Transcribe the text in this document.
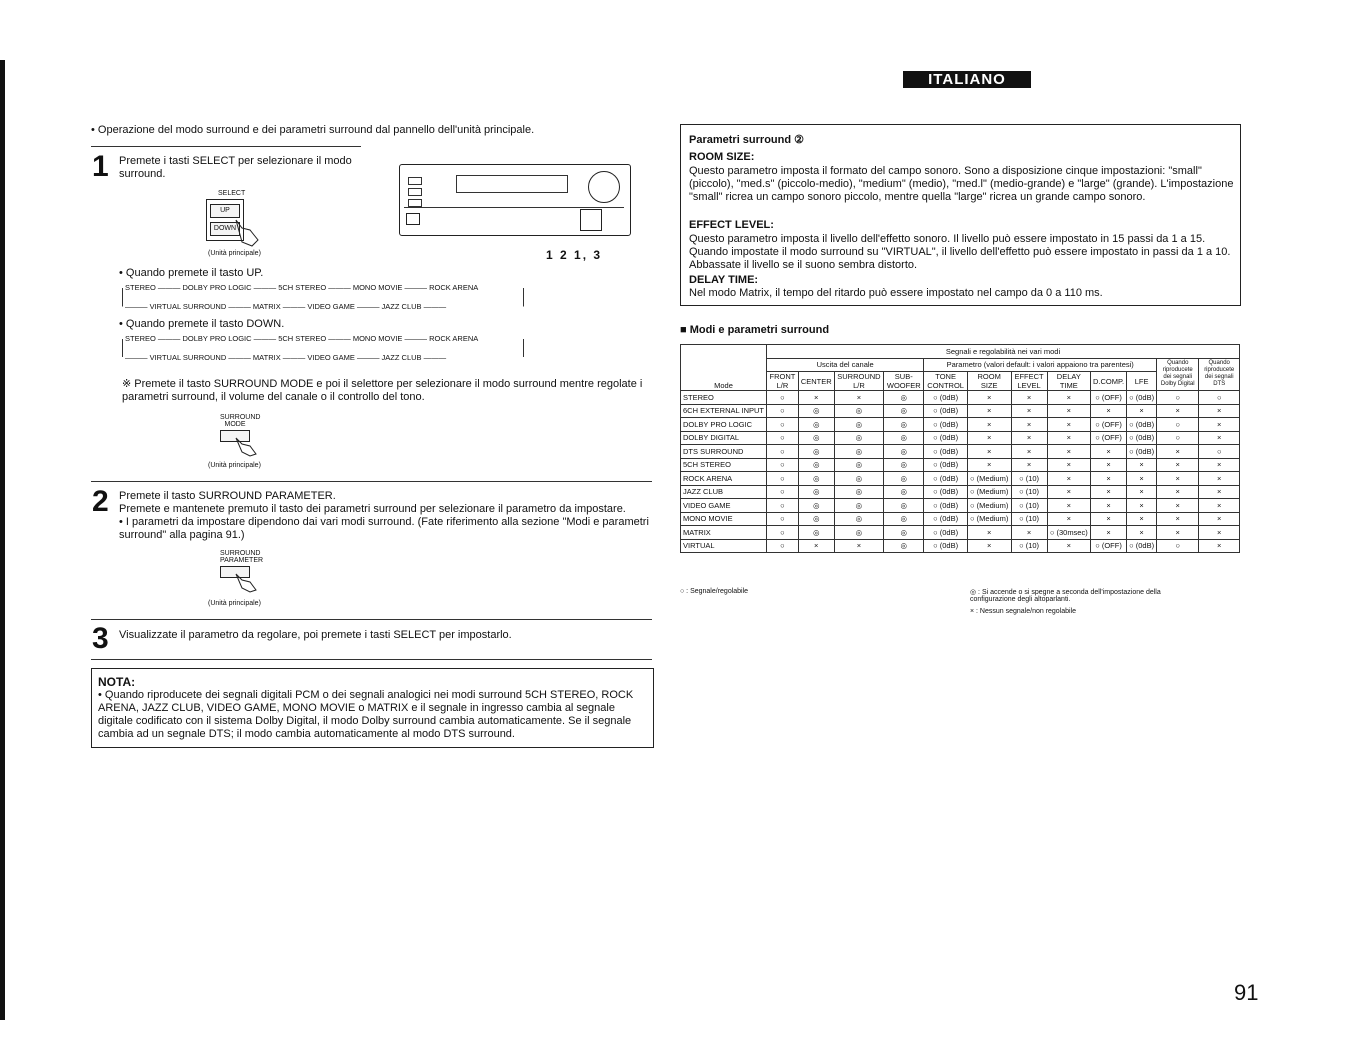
ITALIANO
• Operazione del modo surround e dei parametri surround dal pannello dell'unità principale.
1 Premete i tasti SELECT per selezionare il modo surround.
SELECT
UP
DOWN
(Unità principale)	1 2 1, 3
• Quando premete il tasto UP.
STEREO ——— DOLBY PRO LOGIC ——— 5CH STEREO ——— MONO MOVIE ——— ROCK ARENA
——— VIRTUAL SURROUND ——— MATRIX ——— VIDEO GAME ——— JAZZ CLUB ———
• Quando premete il tasto DOWN.
STEREO ——— DOLBY PRO LOGIC ——— 5CH STEREO ——— MONO MOVIE ——— ROCK ARENA
——— VIRTUAL SURROUND ——— MATRIX ——— VIDEO GAME ——— JAZZ CLUB ———
※ Premete il tasto SURROUND MODE e poi il selettore per selezionare il modo surround mentre regolate i parametri surround, il volume del canale o il controllo del tono.
SURROUND MODE
(Unità principale)
2 Premete il tasto SURROUND PARAMETER.
Premete e mantenete premuto il tasto dei parametri surround per selezionare il parametro da impostare.
• I parametri da impostare dipendono dai vari modi surround. (Fate riferimento alla sezione "Modi e parametri surround" alla pagina 91.)
SURROUND PARAMETER
(Unità principale)
3 Visualizzate il parametro da regolare, poi premete i tasti SELECT per impostarlo.
NOTA:
• Quando riproducete dei segnali digitali PCM o dei segnali analogici nei modi surround 5CH STEREO, ROCK ARENA, JAZZ CLUB, VIDEO GAME, MONO MOVIE o MATRIX e il segnale in ingresso cambia al segnale digitale codificato con il sistema Dolby Digital, il modo Dolby surround cambia automaticamente. Se il segnale cambia ad un segnale DTS; il modo cambia automaticamente al modo DTS surround.
Parametri surround ②
ROOM SIZE:
Questo parametro imposta il formato del campo sonoro. Sono a disposizione cinque impostazioni: "small" (piccolo), "med.s" (piccolo-medio), "medium" (medio), "med.l" (medio-grande) e "large" (grande). L'impostazione "small" ricrea un campo sonoro piccolo, mentre quella "large" ricrea un grande campo sonoro.
EFFECT LEVEL:
Questo parametro imposta il livello dell'effetto sonoro. Il livello può essere impostato in 15 passi da 1 a 15. Quando impostate il modo surround su "VIRTUAL", il livello dell'effetto può essere impostato in passi da 1 a 10. Abbassate il livello se il suono sembra distorto.
DELAY TIME:
Nel modo Matrix, il tempo del ritardo può essere impostato nel campo da 0 a 110 ms.
■ Modi e parametri surround
Mode	Segnali e regolabilità nei vari modi											
	Uscita del canale				Parametro (valori default: i valori appaiono tra parentesi)						Quando riproducete dei segnali Dolby Digital	Quando riproducete dei segnali DTS
	FRONT L/R	CENTER	SURROUND L/R	SUB-WOOFER	TONE CONTROL	ROOM SIZE	EFFECT LEVEL	DELAY TIME	D.COMP.	LFE		
STEREO	○	×	×	◎	○ (0dB)	×	×	×	○ (OFF)	○ (0dB)	○	○
6CH EXTERNAL INPUT	○	◎	◎	◎	○ (0dB)	×	×	×	×	×	×	×
DOLBY PRO LOGIC	○	◎	◎	◎	○ (0dB)	×	×	×	○ (OFF)	○ (0dB)	○	×
DOLBY DIGITAL	○	◎	◎	◎	○ (0dB)	×	×	×	○ (OFF)	○ (0dB)	○	×
DTS SURROUND	○	◎	◎	◎	○ (0dB)	×	×	×	×	○ (0dB)	×	○
5CH STEREO	○	◎	◎	◎	○ (0dB)	×	×	×	×	×	×	×
ROCK ARENA	○	◎	◎	◎	○ (0dB)	○ (Medium)	○ (10)	×	×	×	×	×
JAZZ CLUB	○	◎	◎	◎	○ (0dB)	○ (Medium)	○ (10)	×	×	×	×	×
VIDEO GAME	○	◎	◎	◎	○ (0dB)	○ (Medium)	○ (10)	×	×	×	×	×
MONO MOVIE	○	◎	◎	◎	○ (0dB)	○ (Medium)	○ (10)	×	×	×	×	×
MATRIX	○	◎	◎	◎	○ (0dB)	×	×	○ (30msec)	×	×	×	×
VIRTUAL	○	×	×	◎	○ (0dB)	×	○ (10)	×	○ (OFF)	○ (0dB)	○	×
○ : Segnale/regolabile	◎ : Si accende o si spegne a seconda dell'impostazione della configurazione degli altoparlanti.
× : Nessun segnale/non regolabile
91
